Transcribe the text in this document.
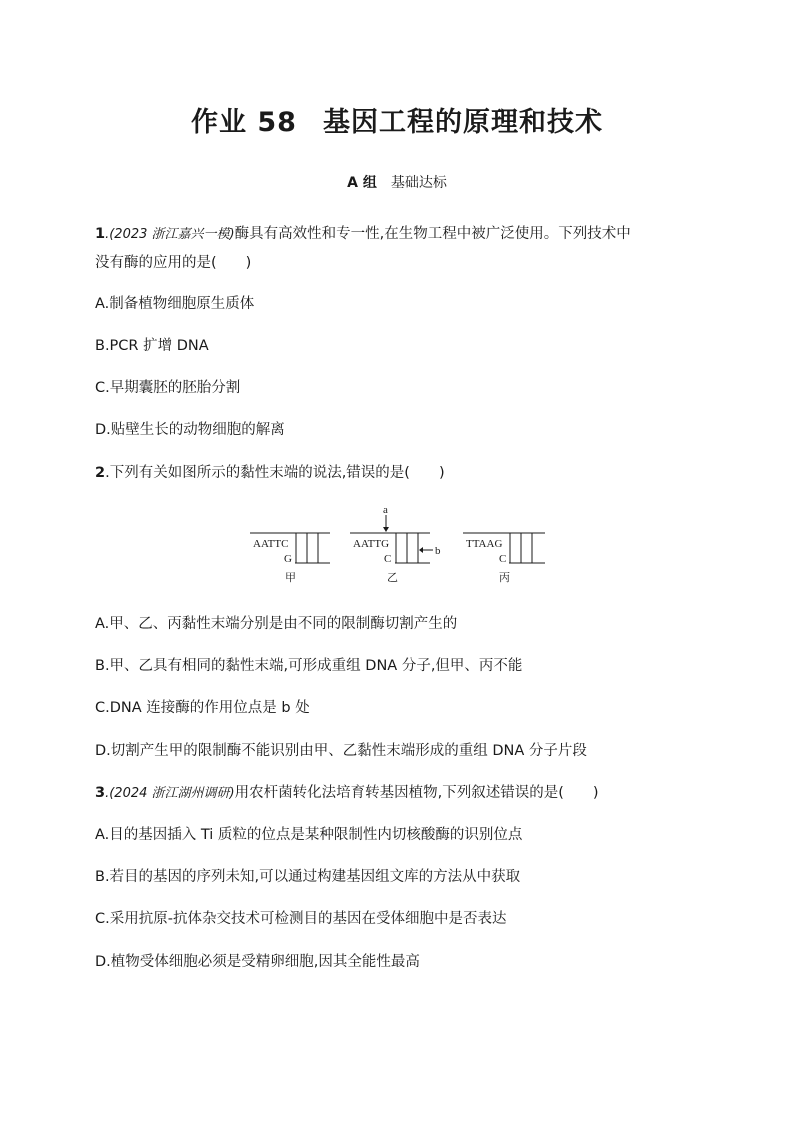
作业 58 基因工程的原理和技术
A 组 基础达标
1.(2023 浙江嘉兴一模)酶具有高效性和专一性,在生物工程中被广泛使用。下列技术中
没有酶的应用的是(　　)
A.制备植物细胞原生质体
B.PCR 扩增 DNA
C.早期囊胚的胚胎分割
D.贴壁生长的动物细胞的解离
2.下列有关如图所示的黏性末端的说法,错误的是(　　)
AATTC
G
甲
a
b
AATTG
C
乙
TTAAG
C
丙
A.甲、乙、丙黏性末端分别是由不同的限制酶切割产生的
B.甲、乙具有相同的黏性末端,可形成重组 DNA 分子,但甲、丙不能
C.DNA 连接酶的作用位点是 b 处
D.切割产生甲的限制酶不能识别由甲、乙黏性末端形成的重组 DNA 分子片段
3.(2024 浙江湖州调研)用农杆菌转化法培育转基因植物,下列叙述错误的是(　　)
A.目的基因插入 Ti 质粒的位点是某种限制性内切核酸酶的识别位点
B.若目的基因的序列未知,可以通过构建基因组文库的方法从中获取
C.采用抗原-抗体杂交技术可检测目的基因在受体细胞中是否表达
D.植物受体细胞必须是受精卵细胞,因其全能性最高
